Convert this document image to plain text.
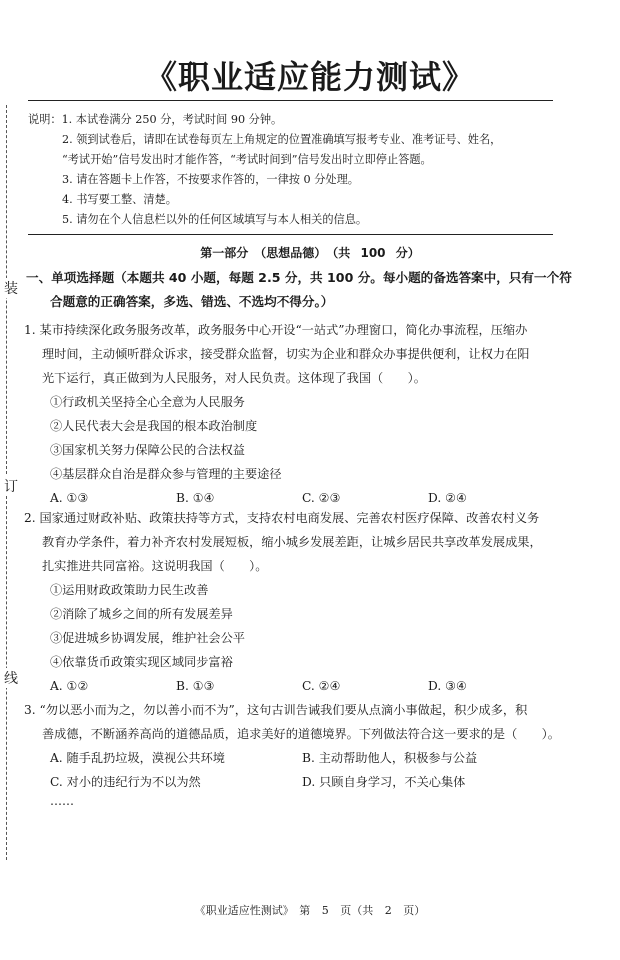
《职业适应能力测试》
装
订
线
说明：1. 本试卷满分 250 分，考试时间 90 分钟。
2. 领到试卷后，请即在试卷每页左上角规定的位置准确填写报考专业、准考证号、姓名，
“考试开始”信号发出时才能作答，“考试时间到”信号发出时立即停止答题。
3. 请在答题卡上作答，不按要求作答的，一律按 0 分处理。
4. 书写要工整、清楚。
5. 请勿在个人信息栏以外的任何区域填写与本人相关的信息。
第一部分　（思想品德）　（共 100 分）
一、单项选择题（本题共 40 小题，每题 2.5 分，共 100 分。每小题的备选答案中，只有一个符
合题意的正确答案，多选、错选、不选均不得分。）
1. 某市持续深化政务服务改革，政务服务中心开设“一站式”办理窗口，简化办事流程，压缩办
理时间，主动倾听群众诉求，接受群众监督，切实为企业和群众办事提供便利，让权力在阳
光下运行，真正做到为人民服务，对人民负责。这体现了我国（　　）。
①行政机关坚持全心全意为人民服务
②人民代表大会是我国的根本政治制度
③国家机关努力保障公民的合法权益
④基层群众自治是群众参与管理的主要途径
A. ①③	B. ①④	C. ②③	D. ②④
2. 国家通过财政补贴、政策扶持等方式，支持农村电商发展、完善农村医疗保障、改善农村义务
教育办学条件，着力补齐农村发展短板，缩小城乡发展差距，让城乡居民共享改革发展成果，
扎实推进共同富裕。这说明我国（　　）。
①运用财政政策助力民生改善
②消除了城乡之间的所有发展差异
③促进城乡协调发展，维护社会公平
④依靠货币政策实现区域同步富裕
A. ①②	B. ①③	C. ②④	D. ③④
3. “勿以恶小而为之，勿以善小而不为”，这句古训告诫我们要从点滴小事做起，积少成多，积
善成德，不断涵养高尚的道德品质，追求美好的道德境界。下列做法符合这一要求的是（　　）。
A. 随手乱扔垃圾，漠视公共环境	B. 主动帮助他人，积极参与公益
C. 对小的违纪行为不以为然	D. 只顾自身学习，不关心集体
……
《职业适应性测试》　第 5 页（共 2 页）
